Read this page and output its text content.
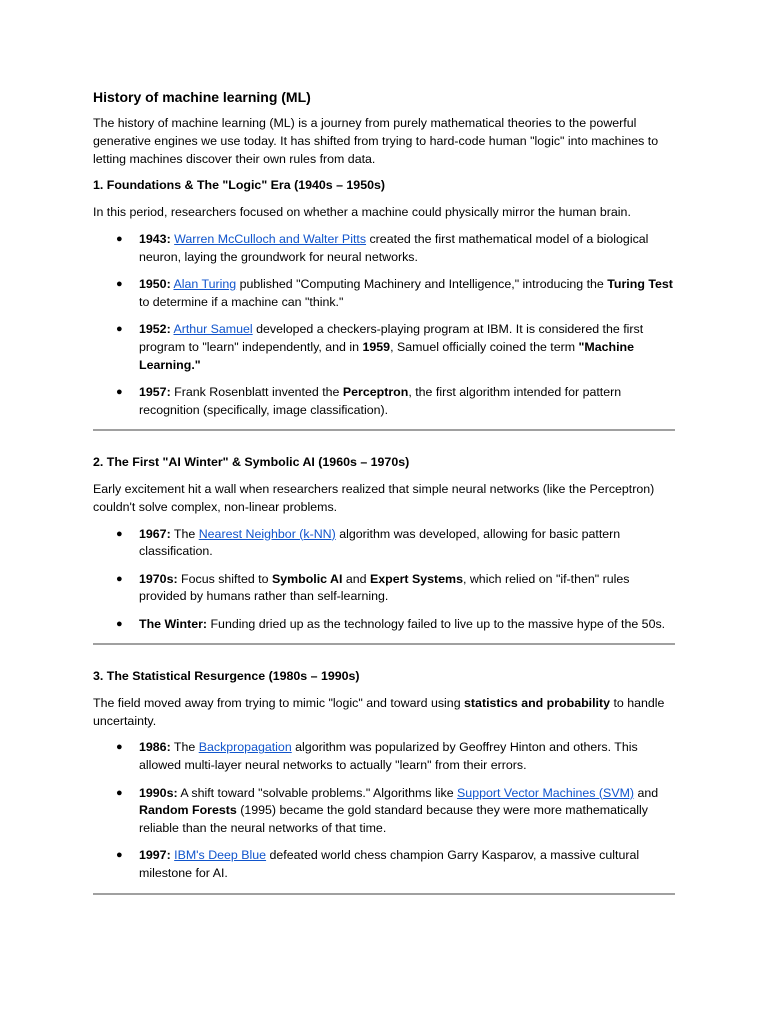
History of machine learning (ML)

The history of machine learning (ML) is a journey from purely mathematical theories to the powerful generative engines we use today. It has shifted from trying to hard-code human "logic" into machines to letting machines discover their own rules from data.

1. Foundations & The "Logic" Era (1940s – 1950s)

In this period, researchers focused on whether a machine could physically mirror the human brain.

● 1943: Warren McCulloch and Walter Pitts created the first mathematical model of a biological neuron, laying the groundwork for neural networks.
● 1950: Alan Turing published "Computing Machinery and Intelligence," introducing the Turing Test to determine if a machine can "think."
● 1952: Arthur Samuel developed a checkers-playing program at IBM. It is considered the first program to "learn" independently, and in 1959, Samuel officially coined the term "Machine Learning."
● 1957: Frank Rosenblatt invented the Perceptron, the first algorithm intended for pattern recognition (specifically, image classification).
2. The First "AI Winter" & Symbolic AI (1960s – 1970s)

Early excitement hit a wall when researchers realized that simple neural networks (like the Perceptron) couldn't solve complex, non-linear problems.

● 1967: The Nearest Neighbor (k-NN) algorithm was developed, allowing for basic pattern classification.
● 1970s: Focus shifted to Symbolic AI and Expert Systems, which relied on "if-then" rules provided by humans rather than self-learning.
● The Winter: Funding dried up as the technology failed to live up to the massive hype of the 50s.
3. The Statistical Resurgence (1980s – 1990s)

The field moved away from trying to mimic "logic" and toward using statistics and probability to handle uncertainty.

● 1986: The Backpropagation algorithm was popularized by Geoffrey Hinton and others. This allowed multi-layer neural networks to actually "learn" from their errors.
● 1990s: A shift toward "solvable problems." Algorithms like Support Vector Machines (SVM) and Random Forests (1995) became the gold standard because they were more mathematically reliable than the neural networks of that time.
● 1997: IBM's Deep Blue defeated world chess champion Garry Kasparov, a massive cultural milestone for AI.
